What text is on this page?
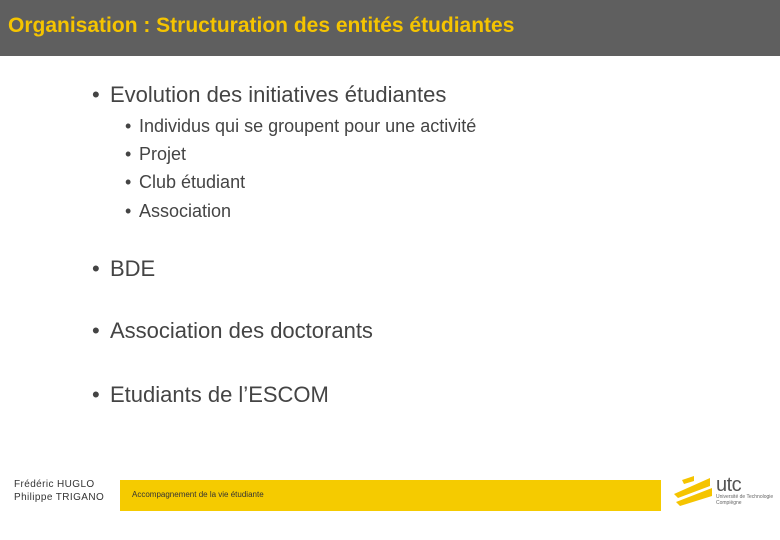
Organisation : Structuration des entités étudiantes
• Evolution des initiatives étudiantes
• Individus qui se groupent pour une activité
• Projet
• Club étudiant
• Association
• BDE
• Association des doctorants
• Etudiants de l’ESCOM
Frédéric HUGLO
Philippe TRIGANO	Accompagnement de la vie étudiante	utc
Université de Technologie
Compiègne
